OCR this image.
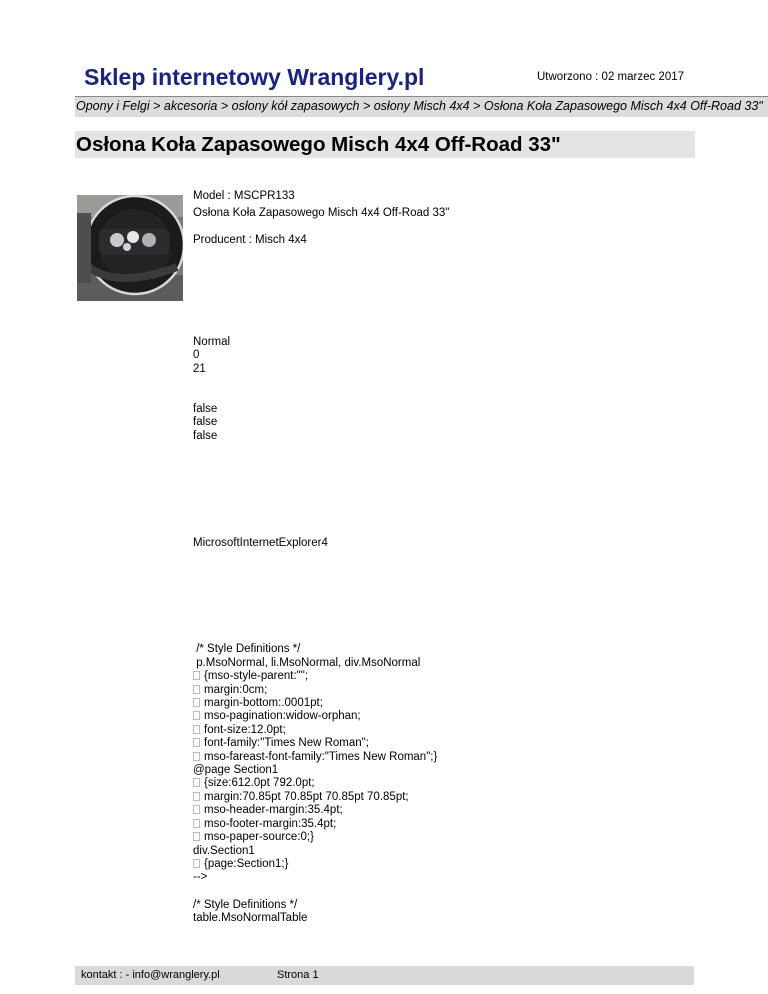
Sklep internetowy Wranglery.pl	Utworzono : 02 marzec 2017
Opony i Felgi > akcesoria > osłony kół zapasowych > osłony Misch 4x4 > Osłona Koła Zapasowego Misch 4x4 Off-Road 33"
Osłona Koła Zapasowego Misch 4x4 Off-Road 33"
Model : MSCPR133
Osłona Koła Zapasowego Misch 4x4 Off-Road 33"
Producent : Misch 4x4
Normal
0
21
false
false
false
MicrosoftInternetExplorer4

/* Style Definitions */
p.MsoNormal, li.MsoNormal, div.MsoNormal
{mso-style-parent:"";
margin:0cm;
margin-bottom:.0001pt;
mso-pagination:widow-orphan;
font-size:12.0pt;
font-family:"Times New Roman";
mso-fareast-font-family:"Times New Roman";}
@page Section1
{size:612.0pt 792.0pt;
margin:70.85pt 70.85pt 70.85pt 70.85pt;
mso-header-margin:35.4pt;
mso-footer-margin:35.4pt;
mso-paper-source:0;}
div.Section1
{page:Section1;}
-->
/* Style Definitions */
table.MsoNormalTable
kontakt : - info@wranglery.pl	Strona 1
